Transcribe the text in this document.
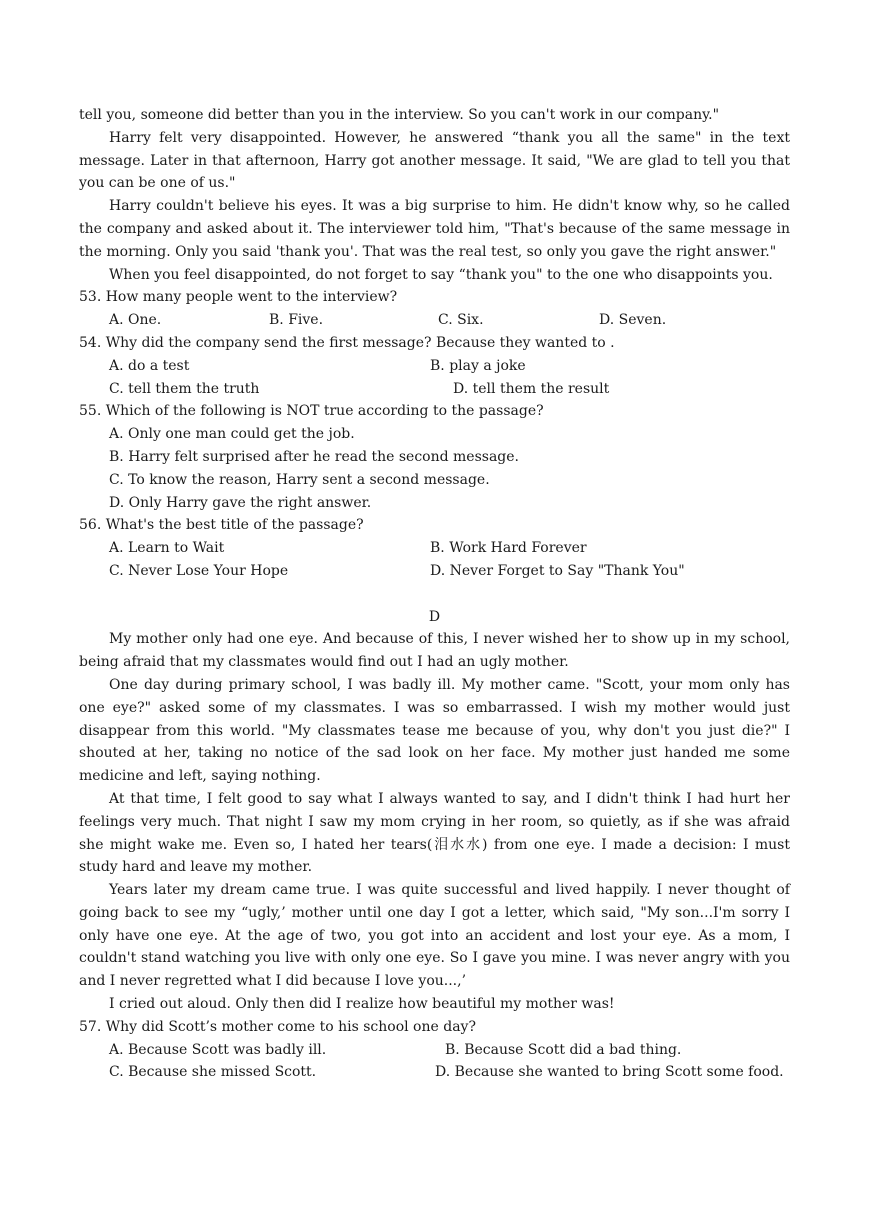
tell you, someone did better than you in the interview. So you can't work in our company."

Harry felt very disappointed. However, he answered “thank you all the same" in the text message. Later in that afternoon, Harry got another message. It said, "We are glad to tell you that you can be one of us."

Harry couldn't believe his eyes. It was a big surprise to him. He didn't know why, so he called the company and asked about it. The interviewer told him, "That's because of the same message in the morning. Only you said 'thank you'. That was the real test, so only you gave the right answer."

When you feel disappointed, do not forget to say “thank you" to the one who disappoints you.

53. How many people went to the interview?

A. One.	B. Five.	C. Six.	D. Seven.

54. Why did the company send the first message? Because they wanted to .

A. do a test	B. play a joke
C. tell them the truth	D. tell them the result

55. Which of the following is NOT true according to the passage?

A. Only one man could get the job.

B. Harry felt surprised after he read the second message.

C. To know the reason, Harry sent a second message.

D. Only Harry gave the right answer.

56. What's the best title of the passage?

A. Learn to Wait	B. Work Hard Forever
C. Never Lose Your Hope	D. Never Forget to Say "Thank You"

D

My mother only had one eye. And because of this, I never wished her to show up in my school, being afraid that my classmates would find out I had an ugly mother.

One day during primary school, I was badly ill. My mother came. "Scott, your mom only has one eye?" asked some of my classmates. I was so embarrassed. I wish my mother would just disappear from this world. "My classmates tease me because of you, why don't you just die?" I shouted at her, taking no notice of the sad look on her face. My mother just handed me some medicine and left, saying nothing.

At that time, I felt good to say what I always wanted to say, and I didn't think I had hurt her feelings very much. That night I saw my mom crying in her room, so quietly, as if she was afraid she might wake me. Even so, I hated her tears(泪水水) from one eye. I made a decision: I must study hard and leave my mother.

Years later my dream came true. I was quite successful and lived happily. I never thought of going back to see my “ugly,’ mother until one day I got a letter, which said, "My son...I'm sorry I only have one eye. At the age of two, you got into an accident and lost your eye. As a mom, I couldn't stand watching you live with only one eye. So I gave you mine. I was never angry with you and I never regretted what I did because I love you...,’

I cried out aloud. Only then did I realize how beautiful my mother was!

57. Why did Scott’s mother come to his school one day?

A. Because Scott was badly ill.	B. Because Scott did a bad thing.
C. Because she missed Scott.	D. Because she wanted to bring Scott some food.
